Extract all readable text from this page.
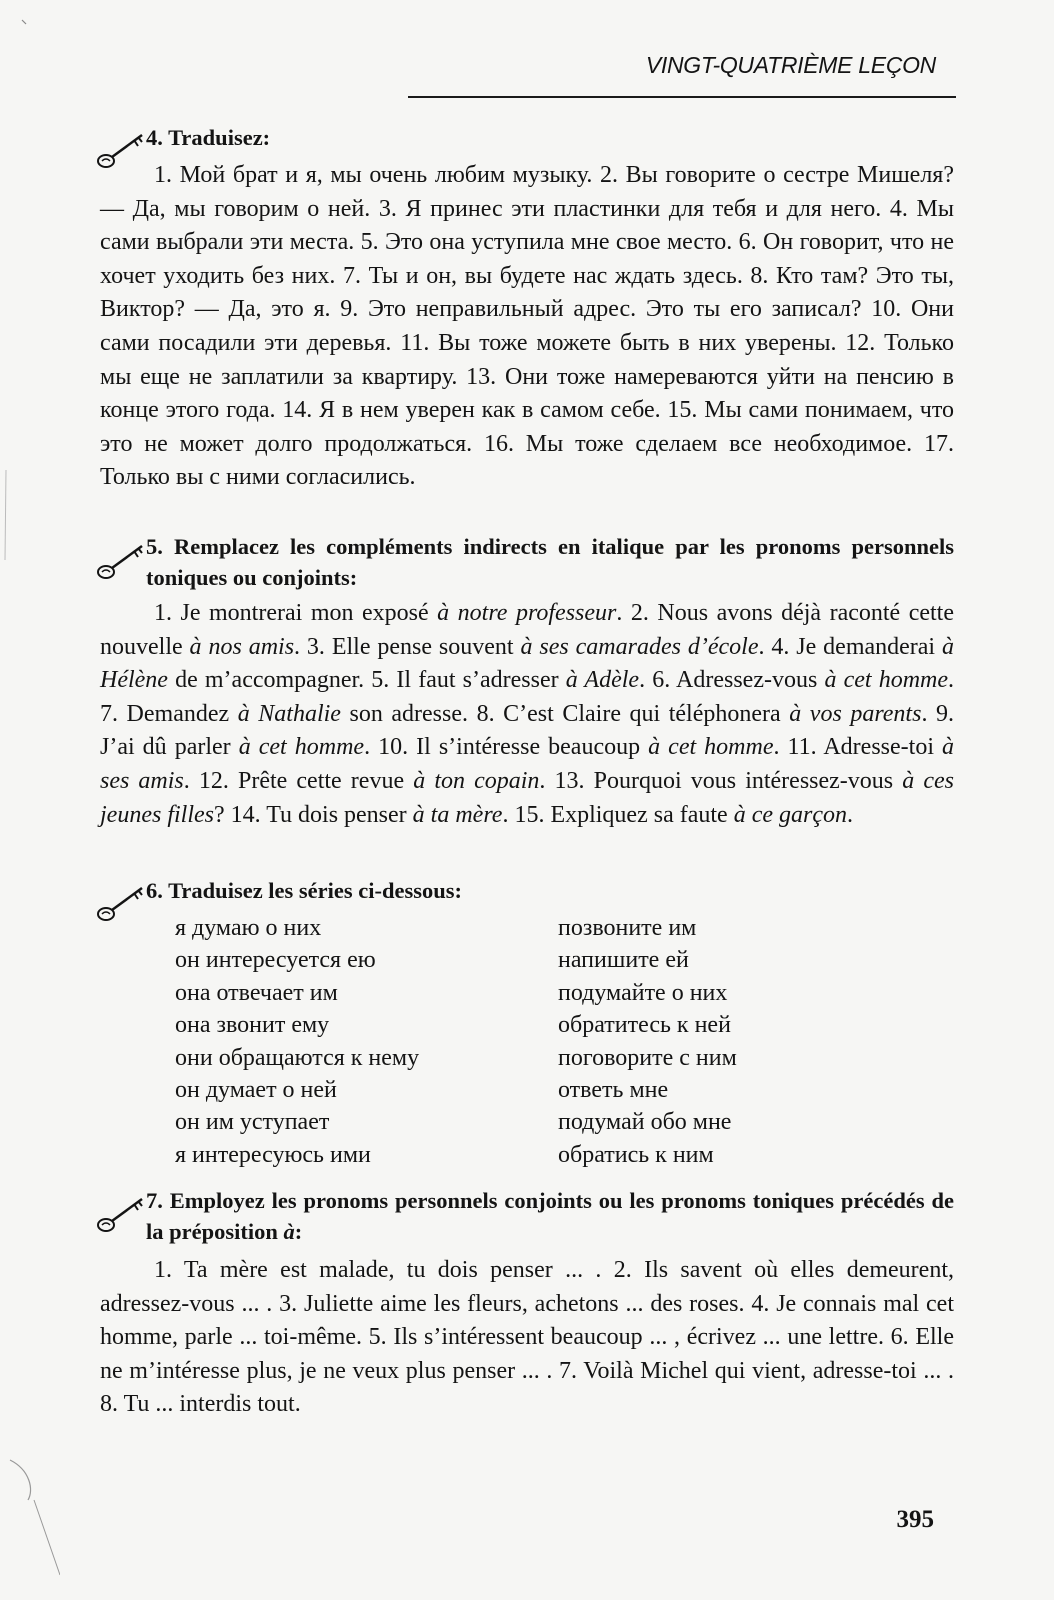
VINGT-QUATRIÈME LEÇON
4. Traduisez:
1. Мой брат и я, мы очень любим музыку. 2. Вы говорите о сестре Мишеля? — Да, мы говорим о ней. 3. Я принес эти пластинки для тебя и для него. 4. Мы сами выбрали эти места. 5. Это она уступила мне свое место. 6. Он говорит, что не хочет уходить без них. 7. Ты и он, вы будете нас ждать здесь. 8. Кто там? Это ты, Виктор? — Да, это я. 9. Это неправильный адрес. Это ты его записал? 10. Они сами посадили эти деревья. 11. Вы тоже можете быть в них уверены. 12. Только мы еще не заплатили за квартиру. 13. Они тоже намереваются уйти на пенсию в конце этого года. 14. Я в нем уверен как в самом себе. 15. Мы сами понимаем, что это не может долго продолжаться. 16. Мы тоже сделаем все необходимое. 17. Только вы с ними согласились.
5. Remplacez les compléments indirects en italique par les pronoms personnels toniques ou conjoints:
1. Je montrerai mon exposé à notre professeur. 2. Nous avons déjà raconté cette nouvelle à nos amis. 3. Elle pense souvent à ses camarades d’école. 4. Je demanderai à Hélène de m’accompagner. 5. Il faut s’adresser à Adèle. 6. Adressez-vous à cet homme. 7. Demandez à Nathalie son adresse. 8. C’est Claire qui téléphonera à vos parents. 9. J’ai dû parler à cet homme. 10. Il s’intéresse beaucoup à cet homme. 11. Adresse-toi à ses amis. 12. Prête cette revue à ton copain. 13. Pourquoi vous intéressez-vous à ces jeunes filles? 14. Tu dois penser à ta mère. 15. Expliquez sa faute à ce garçon.
6. Traduisez les séries ci-dessous:
я думаю о них
он интересуется ею
она отвечает им
она звонит ему
они обращаются к нему
он думает о ней
он им уступает
я интересуюсь ими
позвоните им
напишите ей
подумайте о них
обратитесь к ней
поговорите с ним
ответь мне
подумай обо мне
обратись к ним
7. Employez les pronoms personnels conjoints ou les pronoms toniques précédés de la préposition à:
1. Ta mère est malade, tu dois penser ... . 2. Ils savent où elles demeurent, adressez-vous ... . 3. Juliette aime les fleurs, achetons ... des roses. 4. Je connais mal cet homme, parle ... toi-même. 5. Ils s’intéressent beaucoup ... , écrivez ... une lettre. 6. Elle ne m’intéresse plus, je ne veux plus penser ... . 7. Voilà Michel qui vient, adresse-toi ... . 8. Tu ... interdis tout.
395
